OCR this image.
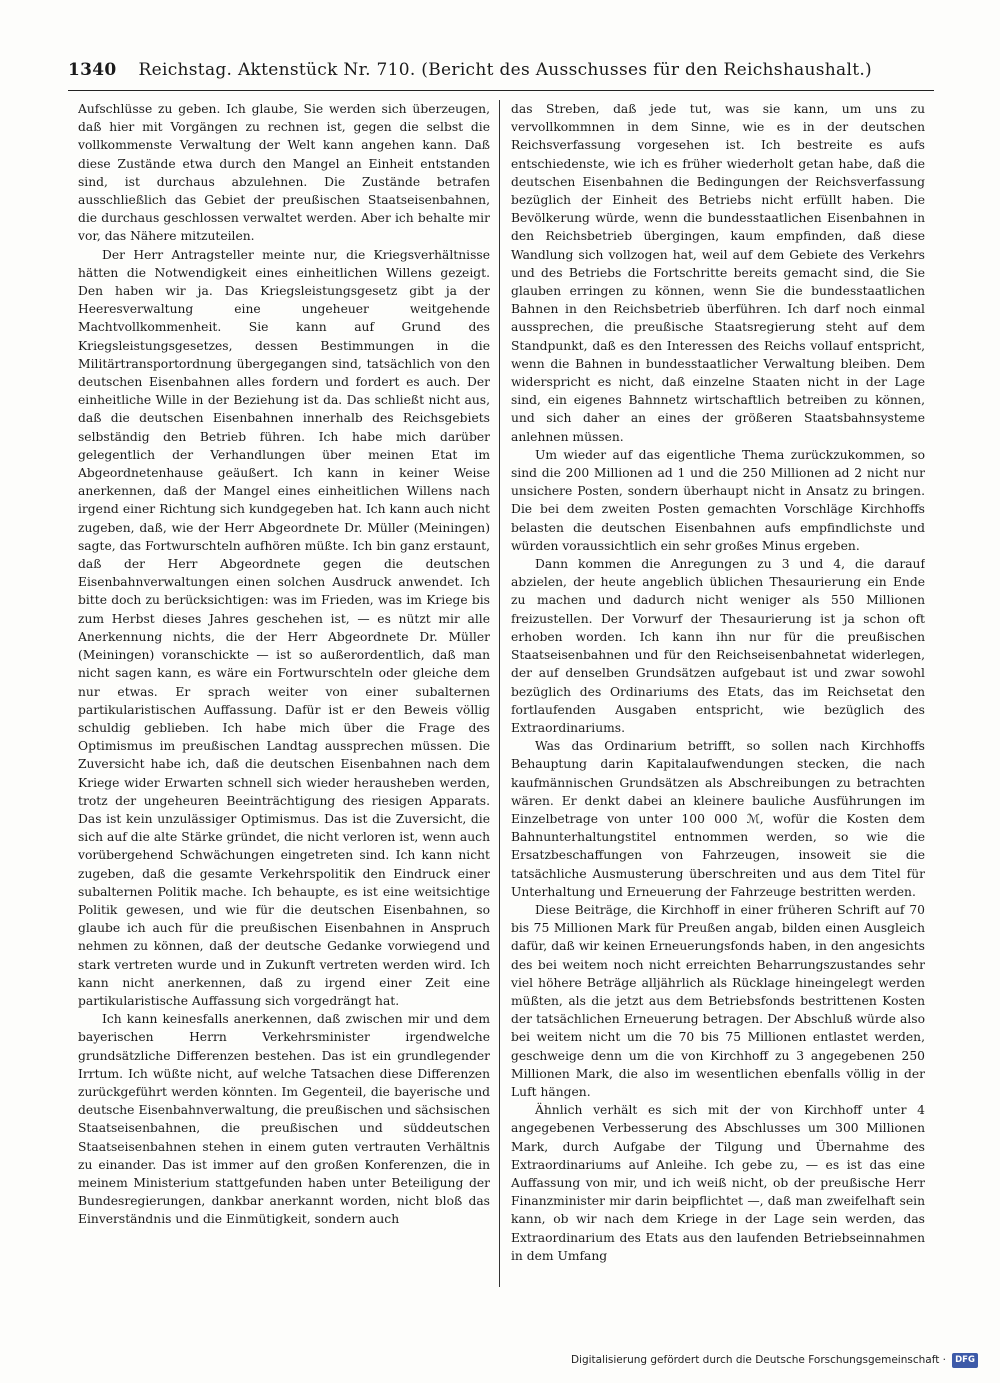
1340 Reichstag. Aktenstück Nr. 710. (Bericht des Ausschusses für den Reichshaushalt.)

Aufschlüsse zu geben. Ich glaube, Sie werden sich überzeugen, daß hier mit Vorgängen zu rechnen ist, gegen die selbst die vollkommenste Verwaltung der Welt kann angehen kann. Daß diese Zustände etwa durch den Mangel an Einheit entstanden sind, ist durchaus abzulehnen. Die Zustände betrafen ausschließlich das Gebiet der preußischen Staatseisenbahnen, die durchaus geschlossen verwaltet werden. Aber ich behalte mir vor, das Nähere mitzuteilen.

Der Herr Antragsteller meinte nur, die Kriegsverhältnisse hätten die Notwendigkeit eines einheitlichen Willens gezeigt. Den haben wir ja. Das Kriegsleistungsgesetz gibt ja der Heeresverwaltung eine ungeheuer weitgehende Machtvollkommenheit. Sie kann auf Grund des Kriegsleistungsgesetzes, dessen Bestimmungen in die Militärtransportordnung übergegangen sind, tatsächlich von den deutschen Eisenbahnen alles fordern und fordert es auch. Der einheitliche Wille in der Beziehung ist da. Das schließt nicht aus, daß die deutschen Eisenbahnen innerhalb des Reichsgebiets selbständig den Betrieb führen. Ich habe mich darüber gelegentlich der Verhandlungen über meinen Etat im Abgeordnetenhause geäußert. Ich kann in keiner Weise anerkennen, daß der Mangel eines einheitlichen Willens nach irgend einer Richtung sich kundgegeben hat. Ich kann auch nicht zugeben, daß, wie der Herr Abgeordnete Dr. Müller (Meiningen) sagte, das Fortwurschteln aufhören müßte. Ich bin ganz erstaunt, daß der Herr Abgeordnete gegen die deutschen Eisenbahnverwaltungen einen solchen Ausdruck anwendet. Ich bitte doch zu berücksichtigen: was im Frieden, was im Kriege bis zum Herbst dieses Jahres geschehen ist, — es nützt mir alle Anerkennung nichts, die der Herr Abgeordnete Dr. Müller (Meiningen) voranschickte — ist so außerordentlich, daß man nicht sagen kann, es wäre ein Fortwurschteln oder gleiche dem nur etwas. Er sprach weiter von einer subalternen partikularistischen Auffassung. Dafür ist er den Beweis völlig schuldig geblieben. Ich habe mich über die Frage des Optimismus im preußischen Landtag aussprechen müssen. Die Zuversicht habe ich, daß die deutschen Eisenbahnen nach dem Kriege wider Erwarten schnell sich wieder herausheben werden, trotz der ungeheuren Beeinträchtigung des riesigen Apparats. Das ist kein unzulässiger Optimismus. Das ist die Zuversicht, die sich auf die alte Stärke gründet, die nicht verloren ist, wenn auch vorübergehend Schwächungen eingetreten sind. Ich kann nicht zugeben, daß die gesamte Verkehrspolitik den Eindruck einer subalternen Politik mache. Ich behaupte, es ist eine weitsichtige Politik gewesen, und wie für die deutschen Eisenbahnen, so glaube ich auch für die preußischen Eisenbahnen in Anspruch nehmen zu können, daß der deutsche Gedanke vorwiegend und stark vertreten wurde und in Zukunft vertreten werden wird. Ich kann nicht anerkennen, daß zu irgend einer Zeit eine partikularistische Auffassung sich vorgedrängt hat.

Ich kann keinesfalls anerkennen, daß zwischen mir und dem bayerischen Herrn Verkehrsminister irgendwelche grundsätzliche Differenzen bestehen. Das ist ein grundlegender Irrtum. Ich wüßte nicht, auf welche Tatsachen diese Differenzen zurückgeführt werden könnten. Im Gegenteil, die bayerische und deutsche Eisenbahnverwaltung, die preußischen und sächsischen Staatseisenbahnen, die preußischen und süddeutschen Staatseisenbahnen stehen in einem guten vertrauten Verhältnis zu einander. Das ist immer auf den großen Konferenzen, die in meinem Ministerium stattgefunden haben unter Beteiligung der Bundesregierungen, dankbar anerkannt worden, nicht bloß das Einverständnis und die Einmütigkeit, sondern auch

das Streben, daß jede tut, was sie kann, um uns zu vervollkommnen in dem Sinne, wie es in der deutschen Reichsverfassung vorgesehen ist. Ich bestreite es aufs entschiedenste, wie ich es früher wiederholt getan habe, daß die deutschen Eisenbahnen die Bedingungen der Reichsverfassung bezüglich der Einheit des Betriebs nicht erfüllt haben. Die Bevölkerung würde, wenn die bundesstaatlichen Eisenbahnen in den Reichsbetrieb übergingen, kaum empfinden, daß diese Wandlung sich vollzogen hat, weil auf dem Gebiete des Verkehrs und des Betriebs die Fortschritte bereits gemacht sind, die Sie glauben erringen zu können, wenn Sie die bundesstaatlichen Bahnen in den Reichsbetrieb überführen. Ich darf noch einmal aussprechen, die preußische Staatsregierung steht auf dem Standpunkt, daß es den Interessen des Reichs vollauf entspricht, wenn die Bahnen in bundesstaatlicher Verwaltung bleiben. Dem widerspricht es nicht, daß einzelne Staaten nicht in der Lage sind, ein eigenes Bahnnetz wirtschaftlich betreiben zu können, und sich daher an eines der größeren Staatsbahnsysteme anlehnen müssen.

Um wieder auf das eigentliche Thema zurückzukommen, so sind die 200 Millionen ad 1 und die 250 Millionen ad 2 nicht nur unsichere Posten, sondern überhaupt nicht in Ansatz zu bringen. Die bei dem zweiten Posten gemachten Vorschläge Kirchhoffs belasten die deutschen Eisenbahnen aufs empfindlichste und würden voraussichtlich ein sehr großes Minus ergeben.

Dann kommen die Anregungen zu 3 und 4, die darauf abzielen, der heute angeblich üblichen Thesaurierung ein Ende zu machen und dadurch nicht weniger als 550 Millionen freizustellen. Der Vorwurf der Thesaurierung ist ja schon oft erhoben worden. Ich kann ihn nur für die preußischen Staatseisenbahnen und für den Reichseisenbahnetat widerlegen, der auf denselben Grundsätzen aufgebaut ist und zwar sowohl bezüglich des Ordinariums des Etats, das im Reichsetat den fortlaufenden Ausgaben entspricht, wie bezüglich des Extraordinariums.

Was das Ordinarium betrifft, so sollen nach Kirchhoffs Behauptung darin Kapitalaufwendungen stecken, die nach kaufmännischen Grundsätzen als Abschreibungen zu betrachten wären. Er denkt dabei an kleinere bauliche Ausführungen im Einzelbetrage von unter 100 000 ℳ, wofür die Kosten dem Bahnunterhaltungstitel entnommen werden, so wie die Ersatzbeschaffungen von Fahrzeugen, insoweit sie die tatsächliche Ausmusterung überschreiten und aus dem Titel für Unterhaltung und Erneuerung der Fahrzeuge bestritten werden.

Diese Beiträge, die Kirchhoff in einer früheren Schrift auf 70 bis 75 Millionen Mark für Preußen angab, bilden einen Ausgleich dafür, daß wir keinen Erneuerungsfonds haben, in den angesichts des bei weitem noch nicht erreichten Beharrungszustandes sehr viel höhere Beträge alljährlich als Rücklage hineingelegt werden müßten, als die jetzt aus dem Betriebsfonds bestrittenen Kosten der tatsächlichen Erneuerung betragen. Der Abschluß würde also bei weitem nicht um die 70 bis 75 Millionen entlastet werden, geschweige denn um die von Kirchhoff zu 3 angegebenen 250 Millionen Mark, die also im wesentlichen ebenfalls völlig in der Luft hängen.

Ähnlich verhält es sich mit der von Kirchhoff unter 4 angegebenen Verbesserung des Abschlusses um 300 Millionen Mark, durch Aufgabe der Tilgung und Übernahme des Extraordinariums auf Anleihe. Ich gebe zu, — es ist das eine Auffassung von mir, und ich weiß nicht, ob der preußische Herr Finanzminister mir darin beipflichtet —, daß man zweifelhaft sein kann, ob wir nach dem Kriege in der Lage sein werden, das Extraordinarium des Etats aus den laufenden Betriebseinnahmen in dem Umfang

Digitalisierung gefördert durch die Deutsche Forschungsgemeinschaft ·	DFG
